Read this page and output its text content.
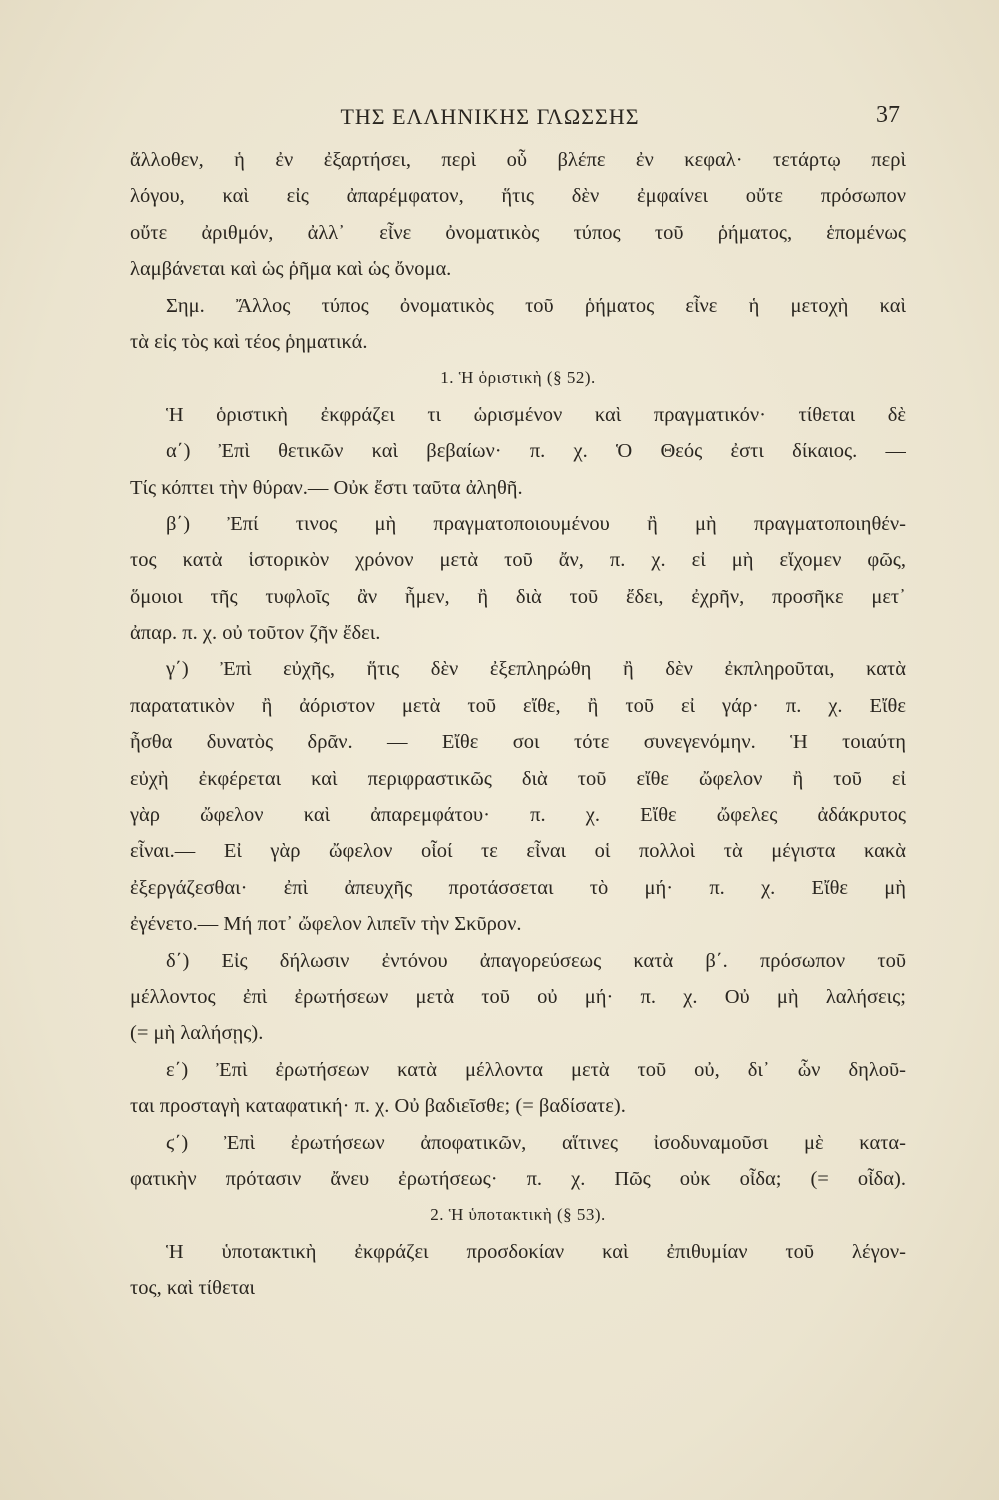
ΤΗΣ ΕΛΛΗΝΙΚΗΣ ΓΛΩΣΣΗΣ	37
ἄλλοθεν, ἡ ἐν ἐξαρτήσει, περὶ οὗ βλέπε ἐν κεφαλ· τετάρτῳ περὶ
λόγου, καὶ εἰς ἀπαρέμφατον, ἥτις δὲν ἐμφαίνει οὔτε πρόσωπον
οὔτε ἀριθμόν, ἀλλ᾽ εἶνε ὀνοματικὸς τύπος τοῦ ῥήματος, ἑπομένως
λαμβάνεται καὶ ὡς ῥῆμα καὶ ὡς ὄνομα.
Σημ. Ἄλλος τύπος ὀνοματικὸς τοῦ ῥήματος εἶνε ἡ μετοχὴ καὶ
τὰ εἰς τὸς καὶ τέος ῥηματικά.
1. Ἡ ὁριστικὴ (§ 52).
Ἡ ὁριστικὴ ἐκφράζει τι ὡρισμένον καὶ πραγματικόν· τίθεται δὲ
α΄) Ἐπὶ θετικῶν καὶ βεβαίων· π. χ. Ὁ Θεός ἐστι δίκαιος. —
Τίς κόπτει τὴν θύραν.— Οὐκ ἔστι ταῦτα ἀληθῆ.
β΄) Ἐπί τινος μὴ πραγματοποιουμένου ἢ μὴ πραγματοποιηθέν-
τος κατὰ ἱστορικὸν χρόνον μετὰ τοῦ ἄν, π. χ. εἰ μὴ εἴχομεν φῶς,
ὅμοιοι τῆς τυφλοῖς ἂν ἦμεν, ἢ διὰ τοῦ ἔδει, ἐχρῆν, προσῆκε μετ᾽
ἀπαρ. π. χ. οὐ τοῦτον ζῆν ἔδει.
γ΄) Ἐπὶ εὐχῆς, ἥτις δὲν ἐξεπληρώθη ἢ δὲν ἐκπληροῦται, κατὰ
παρατατικὸν ἢ ἀόριστον μετὰ τοῦ εἴθε, ἢ τοῦ εἰ γάρ· π. χ. Εἴθε
ἦσθα δυνατὸς δρᾶν. — Εἴθε σοι τότε συνεγενόμην. Ἡ τοιαύτη
εὐχὴ ἐκφέρεται καὶ περιφραστικῶς διὰ τοῦ εἴθε ὤφελον ἢ τοῦ εἰ
γὰρ ὤφελον καὶ ἀπαρεμφάτου· π. χ. Εἴθε ὤφελες ἀδάκρυτος
εἶναι.— Εἰ γὰρ ὤφελον οἷοί τε εἶναι οἱ πολλοὶ τὰ μέγιστα κακὰ
ἐξεργάζεσθαι· ἐπὶ ἀπευχῆς προτάσσεται τὸ μή· π. χ. Εἴθε μὴ
ἐγένετο.— Μή ποτ᾽ ὤφελον λιπεῖν τὴν Σκῦρον.
δ΄) Εἰς δήλωσιν ἐντόνου ἀπαγορεύσεως κατὰ β΄. πρόσωπον τοῦ
μέλλοντος ἐπὶ ἐρωτήσεων μετὰ τοῦ οὐ μή· π. χ. Οὐ μὴ λαλήσεις;
(= μὴ λαλήσῃς).
ε΄) Ἐπὶ ἐρωτήσεων κατὰ μέλλοντα μετὰ τοῦ οὐ, δι᾽ ὧν δηλοῦ-
ται προσταγὴ καταφατική· π. χ. Οὐ βαδιεῖσθε; (= βαδίσατε).
ϛ΄) Ἐπὶ ἐρωτήσεων ἀποφατικῶν, αἵτινες ἰσοδυναμοῦσι μὲ κατα-
φατικὴν πρότασιν ἄνευ ἐρωτήσεως· π. χ. Πῶς οὐκ οἶδα; (= οἶδα).
2. Ἡ ὑποτακτικὴ (§ 53).
Ἡ ὑποτακτικὴ ἐκφράζει προσδοκίαν καὶ ἐπιθυμίαν τοῦ λέγον-
τος, καὶ τίθεται
